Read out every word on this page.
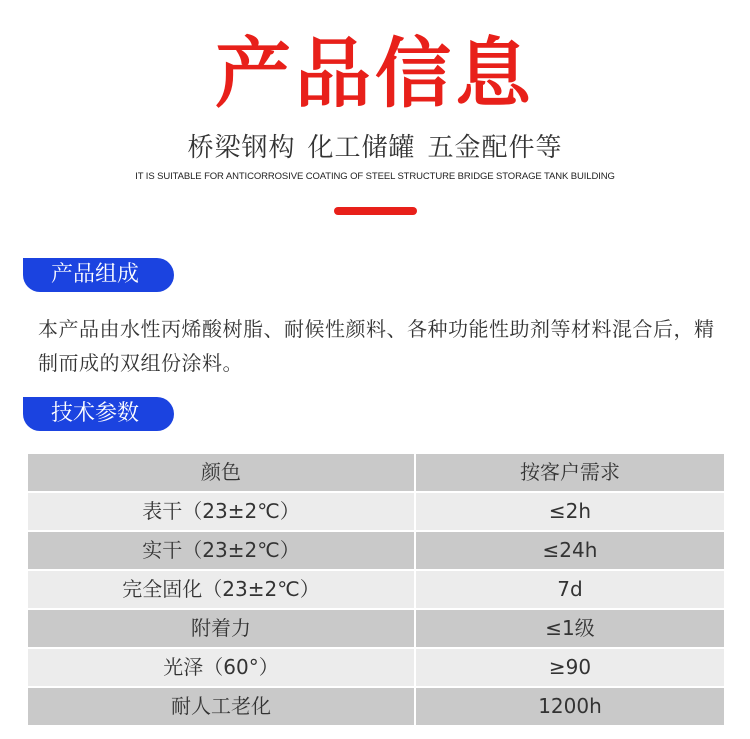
产品信息
桥梁钢构 化工储罐 五金配件等
IT IS SUITABLE FOR ANTICORROSIVE COATING OF STEEL STRUCTURE BRIDGE STORAGE TANK BUILDING
产品组成
本产品由水性丙烯酸树脂、耐候性颜料、各种功能性助剂等材料混合后，精制而成的双组份涂料。
技术参数
颜色	按客户需求
表干（23±2℃）	≤2h
实干（23±2℃）	≤24h
完全固化（23±2℃）	7d
附着力	≤1级
光泽（60°）	≥90
耐人工老化	1200h
